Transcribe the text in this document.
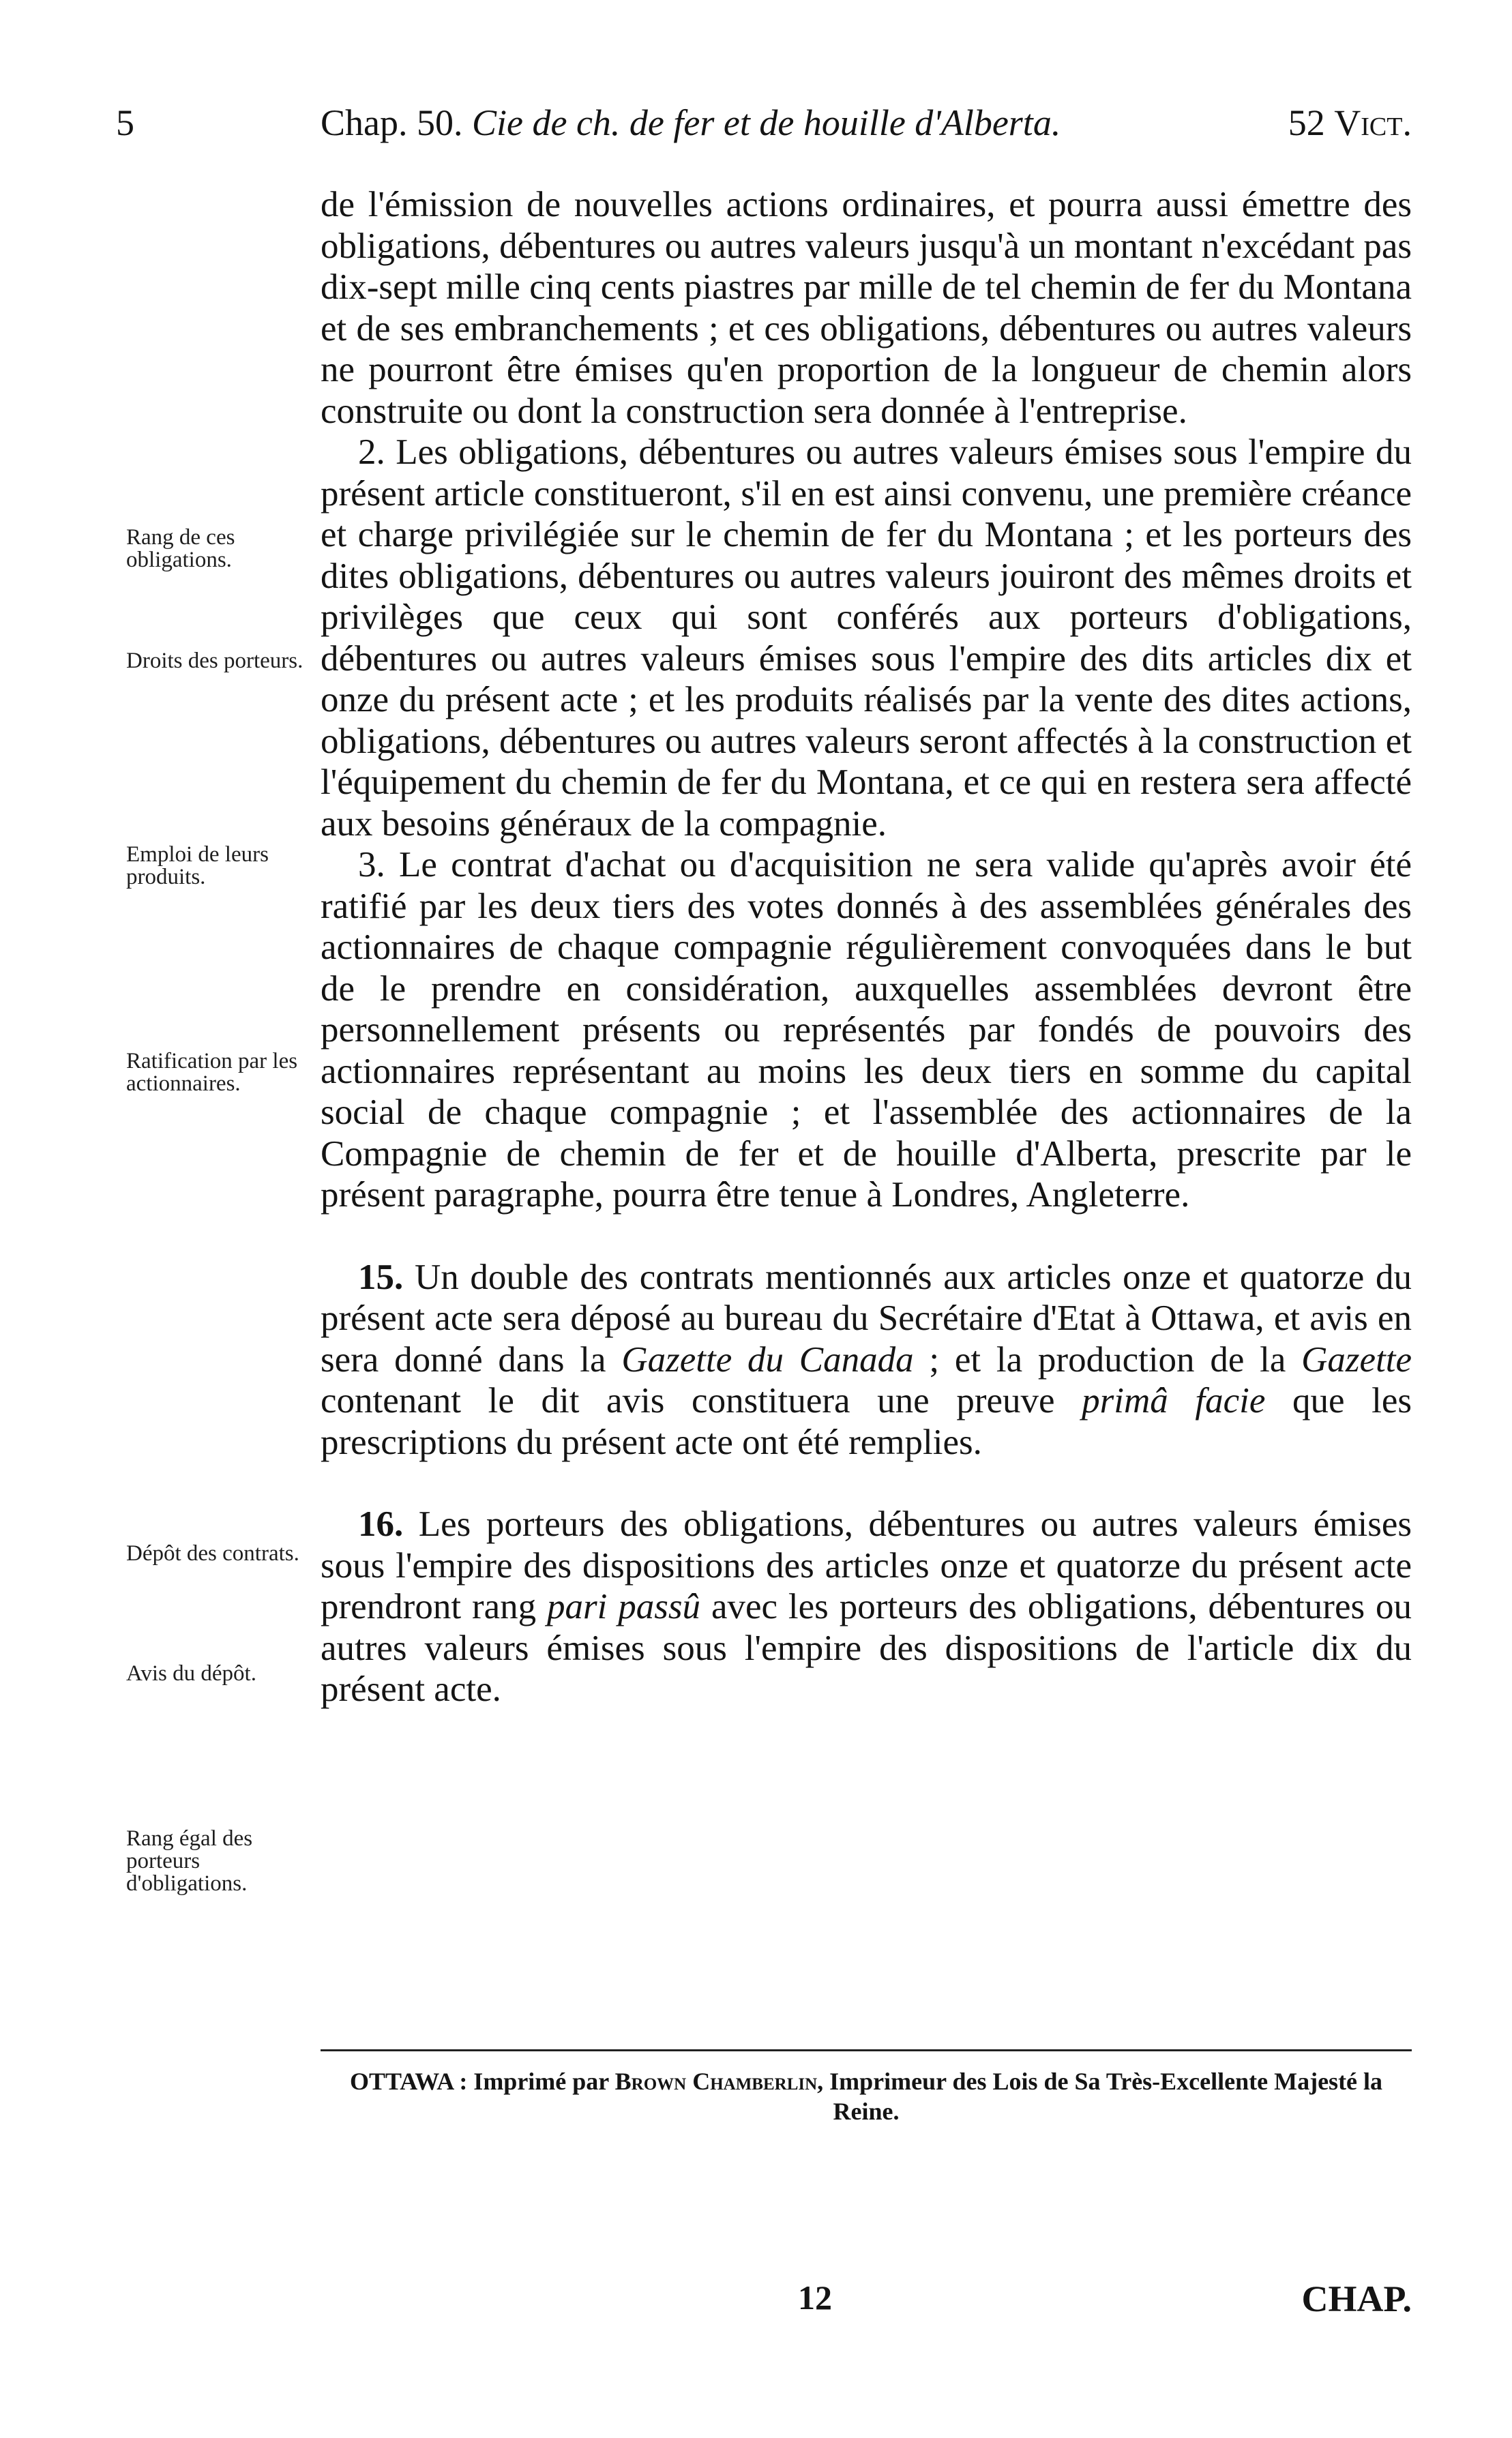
5	Chap. 50. Cie de ch. de fer et de houille d'Alberta.	52 Vict.
Rang de ces obligations.
Droits des porteurs.
Emploi de leurs produits.
Ratification par les actionnaires.
Dépôt des contrats.
Avis du dépôt.
Rang égal des porteurs d'obligations.

de l'émission de nouvelles actions ordinaires, et pourra aussi émettre des obligations, débentures ou autres valeurs jusqu'à un montant n'excédant pas dix-sept mille cinq cents piastres par mille de tel chemin de fer du Montana et de ses embranchements ; et ces obligations, débentures ou autres valeurs ne pourront être émises qu'en proportion de la longueur de chemin alors construite ou dont la construction sera donnée à l'entreprise.

2. Les obligations, débentures ou autres valeurs émises sous l'empire du présent article constitueront, s'il en est ainsi convenu, une première créance et charge privilégiée sur le chemin de fer du Montana ; et les porteurs des dites obligations, débentures ou autres valeurs jouiront des mêmes droits et privilèges que ceux qui sont conférés aux porteurs d'obligations, débentures ou autres valeurs émises sous l'empire des dits articles dix et onze du présent acte ; et les produits réalisés par la vente des dites actions, obligations, débentures ou autres valeurs seront affectés à la construction et l'équipement du chemin de fer du Montana, et ce qui en restera sera affecté aux besoins généraux de la compagnie.

3. Le contrat d'achat ou d'acquisition ne sera valide qu'après avoir été ratifié par les deux tiers des votes donnés à des assemblées générales des actionnaires de chaque compagnie régulièrement convoquées dans le but de le prendre en considération, auxquelles assemblées devront être personnellement présents ou représentés par fondés de pouvoirs des actionnaires représentant au moins les deux tiers en somme du capital social de chaque compagnie ; et l'assemblée des actionnaires de la Compagnie de chemin de fer et de houille d'Alberta, prescrite par le présent paragraphe, pourra être tenue à Londres, Angleterre.

15. Un double des contrats mentionnés aux articles onze et quatorze du présent acte sera déposé au bureau du Secrétaire d'Etat à Ottawa, et avis en sera donné dans la Gazette du Canada ; et la production de la Gazette contenant le dit avis constituera une preuve primâ facie que les prescriptions du présent acte ont été remplies.

16. Les porteurs des obligations, débentures ou autres valeurs émises sous l'empire des dispositions des articles onze et quatorze du présent acte prendront rang pari passû avec les porteurs des obligations, débentures ou autres valeurs émises sous l'empire des dispositions de l'article dix du présent acte.

OTTAWA : Imprimé par Brown Chamberlin, Imprimeur des Lois de Sa Très-Excellente Majesté la Reine.
12	CHAP.
